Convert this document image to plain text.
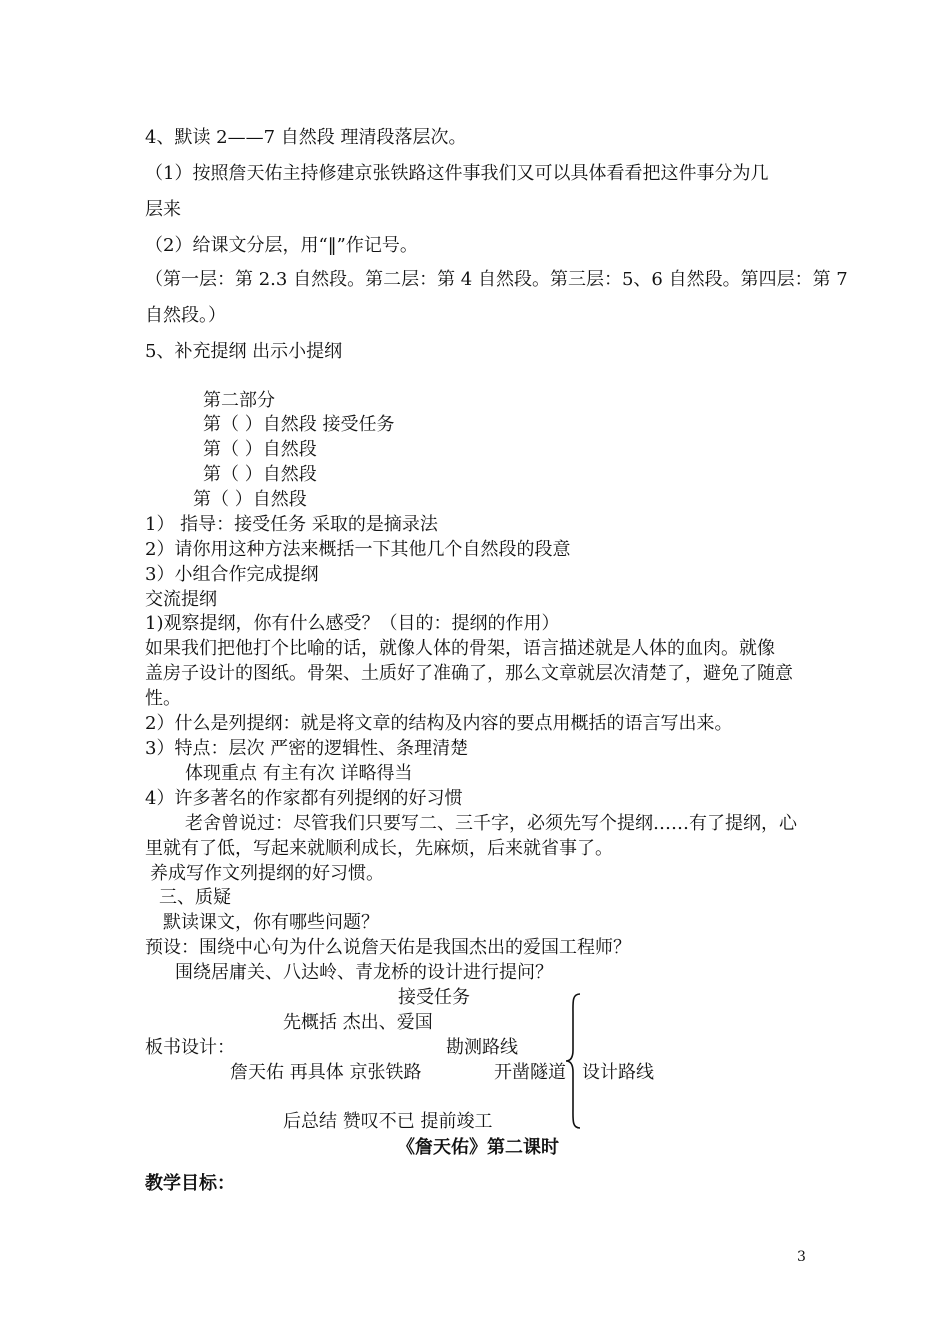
4、默读 2——7 自然段 理清段落层次。
（1）按照詹天佑主持修建京张铁路这件事我们又可以具体看看把这件事分为几
层来
（2）给课文分层，用“‖”作记号。
（第一层：第 2.3 自然段。第二层：第 4 自然段。第三层：5、6 自然段。第四层：第 7
自然段。）
5、补充提纲 出示小提纲
第二部分
第（ ）自然段 接受任务
第（ ）自然段
第（ ）自然段
第（ ）自然段
1） 指导：接受任务 采取的是摘录法
2）请你用这种方法来概括一下其他几个自然段的段意
3）小组合作完成提纲
交流提纲
1)观察提纲，你有什么感受？（目的：提纲的作用）
如果我们把他打个比喻的话，就像人体的骨架，语言描述就是人体的血肉。就像
盖房子设计的图纸。骨架、土质好了准确了，那么文章就层次清楚了，避免了随意
性。
2）什么是列提纲：就是将文章的结构及内容的要点用概括的语言写出来。
3）特点：层次 严密的逻辑性、条理清楚
体现重点 有主有次 详略得当
4）许多著名的作家都有列提纲的好习惯
老舍曾说过：尽管我们只要写二、三千字，必须先写个提纲……有了提纲，心
里就有了低，写起来就顺利成长，先麻烦，后来就省事了。
养成写作文列提纲的好习惯。
三、质疑
默读课文，你有哪些问题？
预设：围绕中心句为什么说詹天佑是我国杰出的爱国工程师？
围绕居庸关、八达岭、青龙桥的设计进行提问？
接受任务
先概括 杰出、爱国
板书设计：	勘测路线
詹天佑 再具体 京张铁路	开凿隧道 设计路线
后总结 赞叹不已 提前竣工
《詹天佑》第二课时
教学目标：
3
